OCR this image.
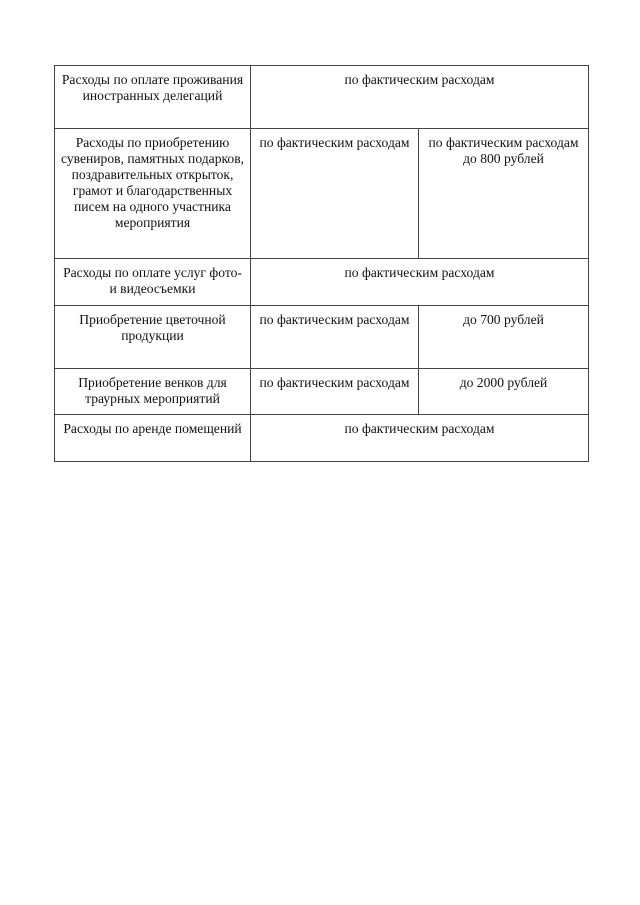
Расходы по оплате проживания иностранных делегаций	по фактическим расходам	

Расходы по приобретению сувениров, памятных подарков, поздравительных открыток, грамот и благодарственных писем на одного участника мероприятия	по фактическим расходам	по фактическим расходам до 800 рублей

Расходы по оплате услуг фото- и видеосъемки	по фактическим расходам	

Приобретение цветочной продукции	по фактическим расходам	до 700 рублей

Приобретение венков для траурных мероприятий	по фактическим расходам	до 2000 рублей

Расходы по аренде помещений	по фактическим расходам	
